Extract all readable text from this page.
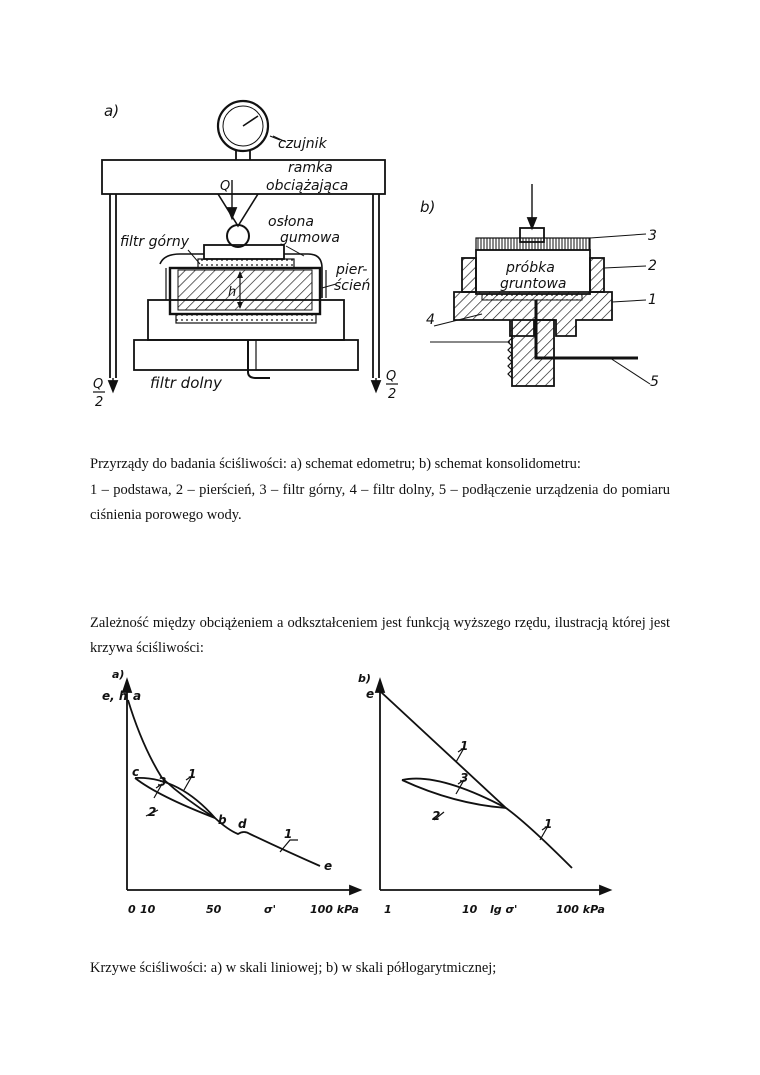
a)
czujnik
ramka
obciążająca
Q
osłona
gumowa
filtr górny
pier-
ścień
h
filtr dolny
Q
2
Q
2
b)
próbka
gruntowa
3
2
1
4
5
Przyrządy do badania ściśliwości: a) schemat edometru; b) schemat konsolidometru:
1 – podstawa, 2 – pierścień, 3 – filtr górny, 4 – filtr dolny, 5 – podłączenie urządzenia do pomiaru ciśnienia porowego wody.
Zależność między obciążeniem a odkształceniem jest funkcją wyższego rzędu, ilustracją której jest krzywa ściśliwości:
a)
e, h a
b
c
d
e
1
3
2
1
0 10	50	σ'	100 kPa
b)
e
1
3
2
1
1	10 lg σ'	100 kPa
Krzywe ściśliwości: a) w skali liniowej; b) w skali półlogarytmicznej;
